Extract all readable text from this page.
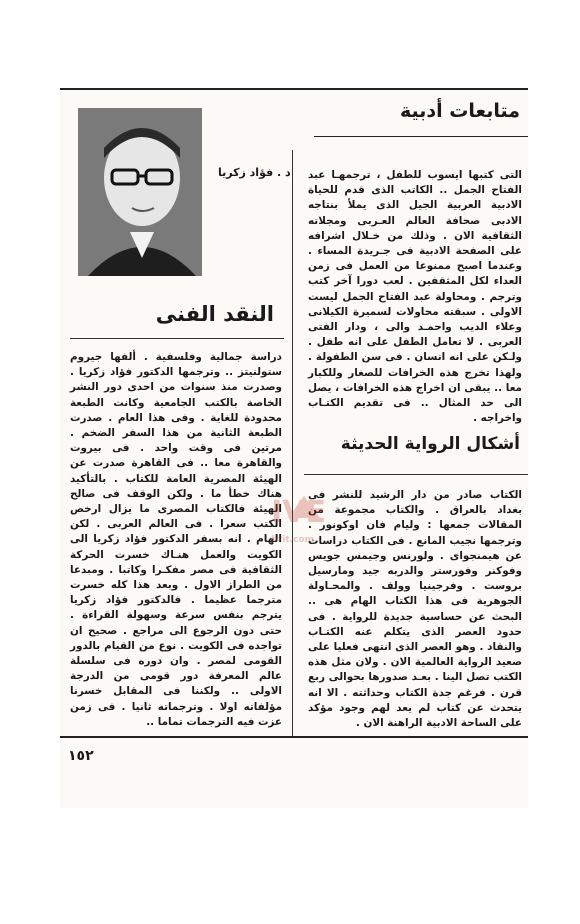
متابعات أدبية
د . فؤاد زكريا
النقد الفنى

دراسة جمالية وفلسفية . ألفها جيروم ستولنيتز .. وترجمها الدكتور فؤاد زكريا . وصدرت منذ سنوات من احدى دور النشر الخاصة بالكتب الجامعية وكانت الطبعة محدودة للغاية . وفى هذا العام . صدرت الطبعة الثانية من هذا السفر الضخم . مرتين فى وقت واحد . فى بيروت والقاهرة معا .. فى القاهرة صدرت عن الهيئة المصرية العامة للكتاب . بالتأكيد هناك خطأ ما . ولكن الوقف فى صالح الهيئة فالكتاب المصرى ما يزال ارخص الكتب سعرا . فى العالم العربى . لكن الهام . انه بسفر الدكتور فؤاد زكريا الى الكويت والعمل هنـاك خسرت الحركة الثقافية فى مصر مفكـرا وكاتبا . ومبدعا من الطراز الاول . وبعد هذا كله خسرت مترجما عظيما . فالدكتور فؤاد زكريا يترجم بنفس سرعة وسهولة القراءة . حتى دون الرجوع الى مراجع . صحيح ان تواجده فى الكويت . نوع من القيام بالدور القومى لمصر . وان دوره فى سلسلة عالم المعرفة دور قومى من الدرجة الاولى .. ولكننا فى المقابل خسرنا مؤلفاته اولا . وترجماته ثانيا . فى زمن عزت فيه الترجمات تماما ..

التى كتبها ايسوب للطفل ، ترجمهـا عبد الفتاح الجمل .. الكاتب الذى قدم للحياة الادبية العربية الجيل الذى يملأ بنتاجه الادبى صحافة العالم العـربى ومجلاته الثقافية الان . وذلك من خـلال اشرافه على الصفحة الادبية فى جـريدة المساء . وعندما اصبح ممنوعا من العمل فى زمن العداء لكل المثقفين . لعب دورا آخر كتب وترجم . ومحاولة عبد الفتاح الجمل ليست الاولى . سبقته محاولات لسميرة الكيلانى وعلاء الديب واحمـد والى ، ودار الفتى العربى . لا تعامل الطفل على انه طفل . ولـكن على انه انسان . فى سن الطفولة . ولهذا تخرج هذه الخرافات للصغار وللكبار معا .. يبقى ان اخراج هذه الخرافات ، يصل الى حد المثال .. فى تقديم الكتـاب واخراجه .

أشكال الرواية الحديثة

الكتاب صادر من دار الرشيد للنشر فى بغداد بالعراق . والكتاب مجموعة من المقالات جمعها : وليام فان اوكونور . وترجمها نجيب المانع . فى الكتاب دراسات عن هيمنجواى . ولورنس وجيمس جويس وفوكنر وفورستر والدربه جيد ومارسيل بروست . وفرجينيا وولف . والمحـاولة الجوهرية فى هذا الكتاب الهام هى .. البحث عن حساسية جديدة للرواية . فى حدود العصر الذى يتكلم عنه الكتـاب والنقاد . وهو العصر الذى انتهى فعليا على صعيد الرواية العالمية الان . ولان مثل هذه الكتب تصل الينا . بعـد صدورها بحوالى ربع قرن . فرغم جدة الكتاب وحداثته . الا انه يتحدث عن كتاب لم يعد لهم وجود مؤكد على الساحة الادبية الراهنة الان .

١٥٢
IVE
hrit.com
